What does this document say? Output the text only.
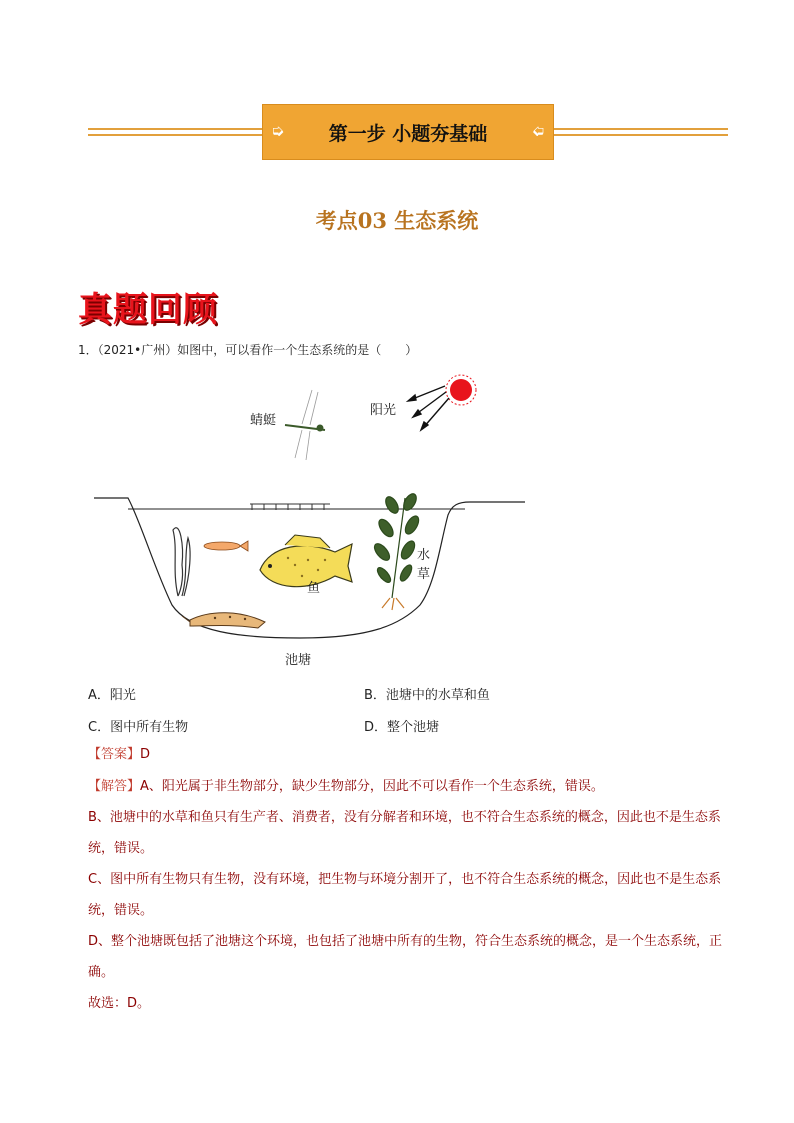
➭ 第一步 小题夯基础	➭
考点03 生态系统
真题回顾
1．（2021•广州）如图中，可以看作一个生态系统的是（　　）
蜻蜓
阳光
水
草
鱼
池塘
A．阳光	B．池塘中的水草和鱼
C．图中所有生物	D．整个池塘
【答案】D
【解答】A、阳光属于非生物部分，缺少生物部分，因此不可以看作一个生态系统，错误。
B、池塘中的水草和鱼只有生产者、消费者，没有分解者和环境，也不符合生态系统的概念，因此也不是生态系统，错误。
C、图中所有生物只有生物，没有环境，把生物与环境分割开了，也不符合生态系统的概念，因此也不是生态系统，错误。
D、整个池塘既包括了池塘这个环境，也包括了池塘中所有的生物，符合生态系统的概念，是一个生态系统，正确。
故选：D。
